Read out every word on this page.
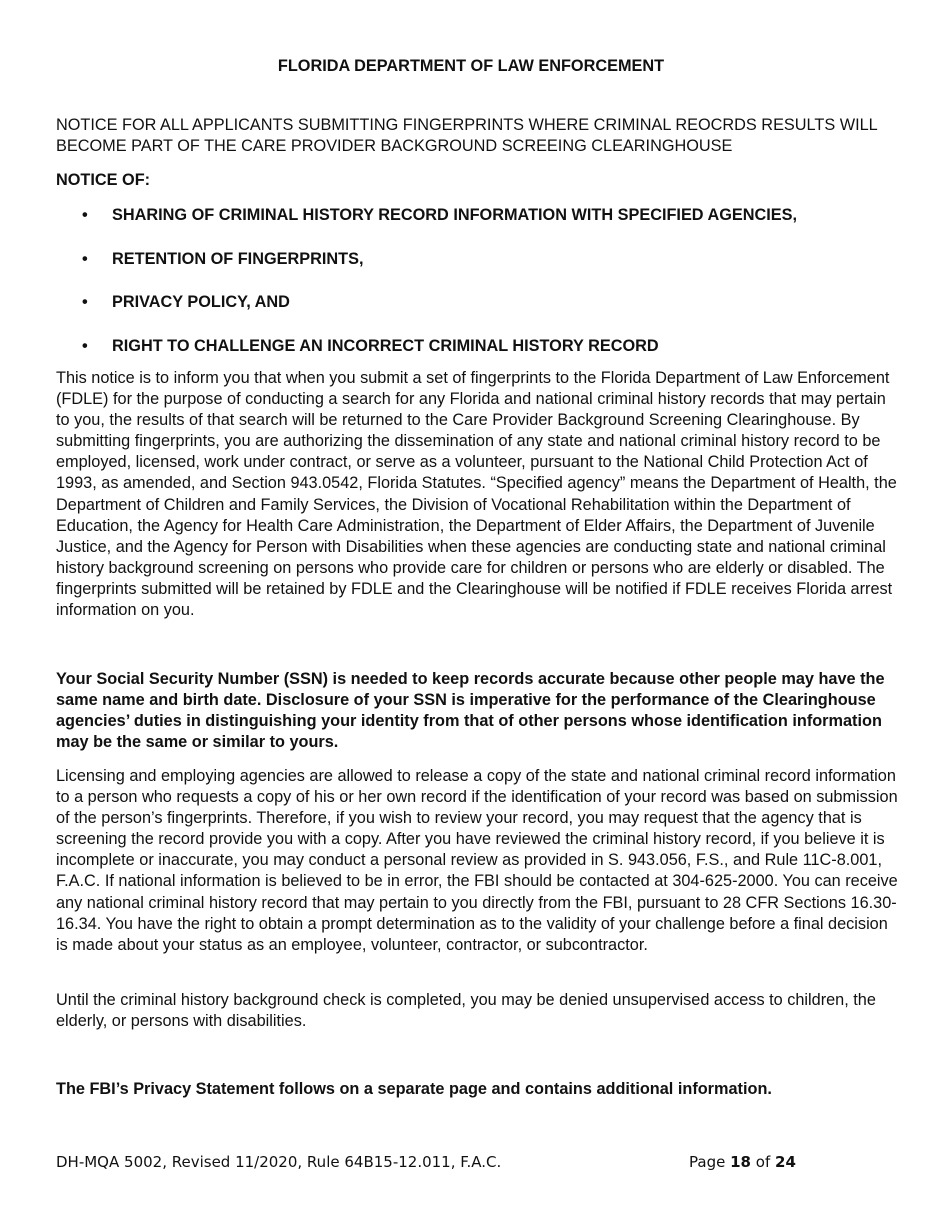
FLORIDA DEPARTMENT OF LAW ENFORCEMENT
NOTICE FOR ALL APPLICANTS SUBMITTING FINGERPRINTS WHERE CRIMINAL REOCRDS RESULTS WILL BECOME PART OF THE CARE PROVIDER BACKGROUND SCREEING CLEARINGHOUSE
NOTICE OF:
• SHARING OF CRIMINAL HISTORY RECORD INFORMATION WITH SPECIFIED AGENCIES,
• RETENTION OF FINGERPRINTS,
• PRIVACY POLICY, AND
• RIGHT TO CHALLENGE AN INCORRECT CRIMINAL HISTORY RECORD
This notice is to inform you that when you submit a set of fingerprints to the Florida Department of Law Enforcement (FDLE) for the purpose of conducting a search for any Florida and national criminal history records that may pertain to you, the results of that search will be returned to the Care Provider Background Screening Clearinghouse. By submitting fingerprints, you are authorizing the dissemination of any state and national criminal history record to be employed, licensed, work under contract, or serve as a volunteer, pursuant to the National Child Protection Act of 1993, as amended, and Section 943.0542, Florida Statutes. “Specified agency” means the Department of Health, the Department of Children and Family Services, the Division of Vocational Rehabilitation within the Department of Education, the Agency for Health Care Administration, the Department of Elder Affairs, the Department of Juvenile Justice, and the Agency for Person with Disabilities when these agencies are conducting state and national criminal history background screening on persons who provide care for children or persons who are elderly or disabled. The fingerprints submitted will be retained by FDLE and the Clearinghouse will be notified if FDLE receives Florida arrest information on you.
Your Social Security Number (SSN) is needed to keep records accurate because other people may have the same name and birth date. Disclosure of your SSN is imperative for the performance of the Clearinghouse agencies’ duties in distinguishing your identity from that of other persons whose identification information may be the same or similar to yours.
Licensing and employing agencies are allowed to release a copy of the state and national criminal record information to a person who requests a copy of his or her own record if the identification of your record was based on submission of the person’s fingerprints. Therefore, if you wish to review your record, you may request that the agency that is screening the record provide you with a copy. After you have reviewed the criminal history record, if you believe it is incomplete or inaccurate, you may conduct a personal review as provided in S. 943.056, F.S., and Rule 11C-8.001, F.A.C. If national information is believed to be in error, the FBI should be contacted at 304-625-2000. You can receive any national criminal history record that may pertain to you directly from the FBI, pursuant to 28 CFR Sections 16.30-16.34. You have the right to obtain a prompt determination as to the validity of your challenge before a final decision is made about your status as an employee, volunteer, contractor, or subcontractor.
Until the criminal history background check is completed, you may be denied unsupervised access to children, the elderly, or persons with disabilities.
The FBI’s Privacy Statement follows on a separate page and contains additional information.
DH-MQA 5002, Revised 11/2020, Rule 64B15-12.011, F.A.C.	Page 18 of 24
